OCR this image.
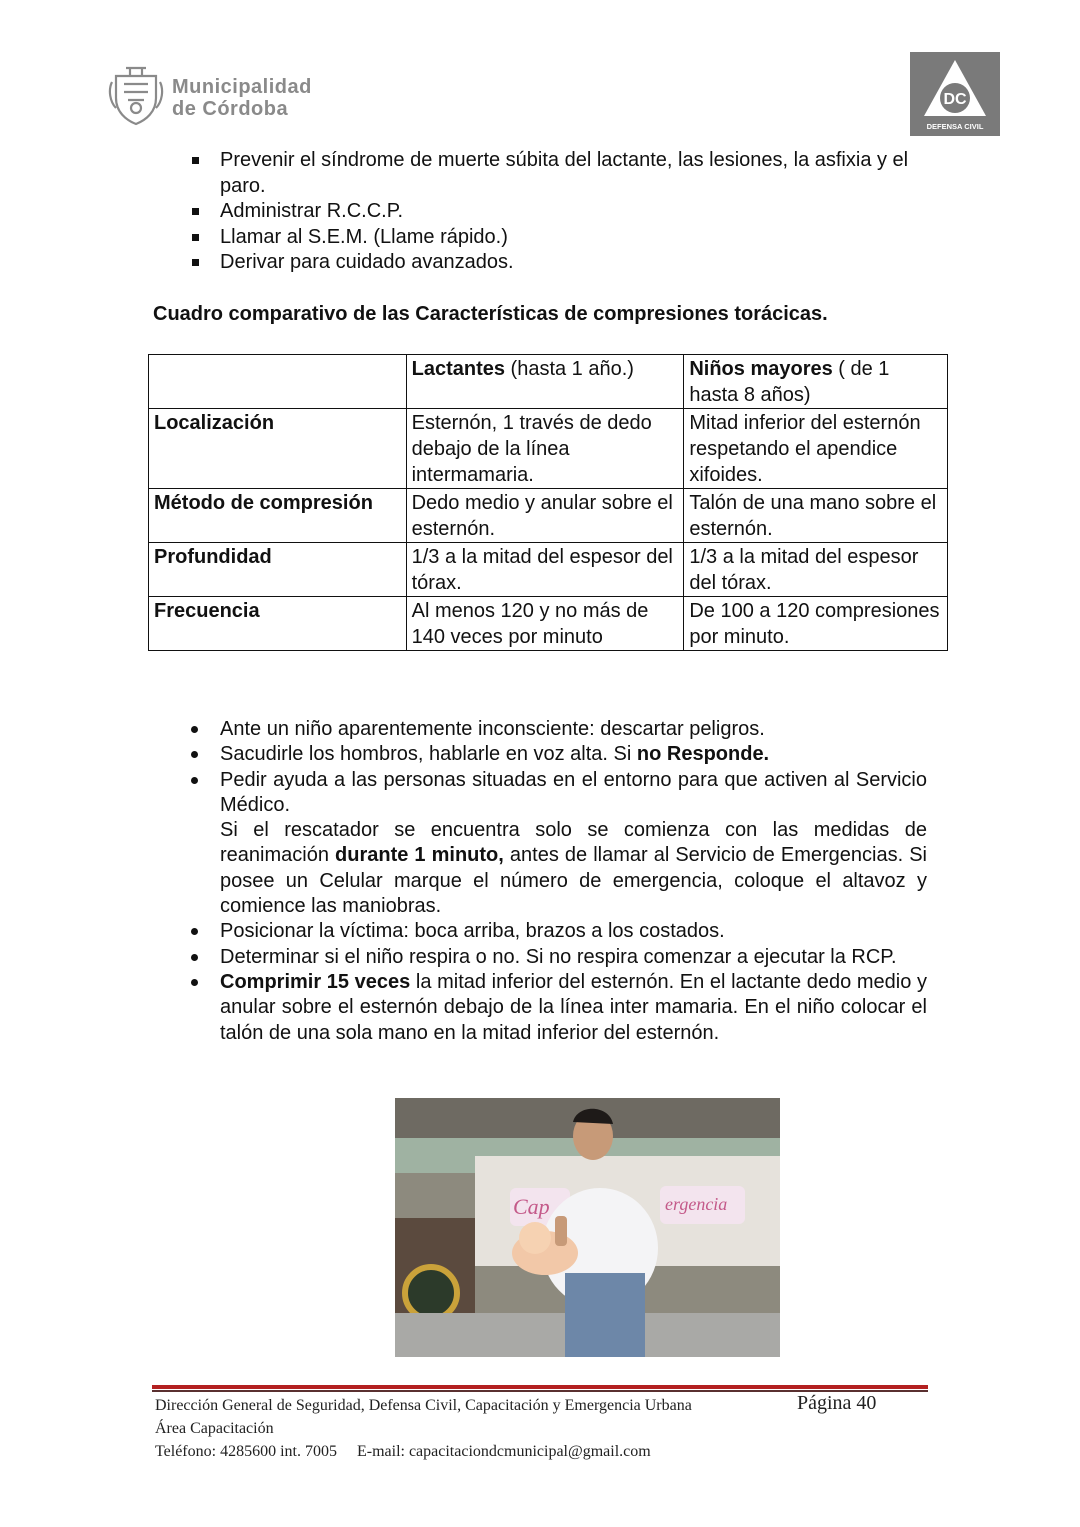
Municipalidad
de Córdoba	DC
DEFENSA CIVIL
Prevenir el síndrome de muerte súbita del lactante, las lesiones, la asfixia y el paro.
Administrar R.C.C.P.
Llamar al S.E.M. (Llame rápido.)
Derivar para cuidado avanzados.
Cuadro comparativo de las Características de compresiones torácicas.
	Lactantes (hasta 1 año.)	Niños mayores ( de 1 hasta 8 años)
Localización	Esternón, 1 través de dedo debajo de la línea intermamaria.	Mitad inferior del esternón respetando el apendice xifoides.
Método de compresión	Dedo medio y anular sobre el esternón.	Talón de una mano sobre el esternón.
Profundidad	1/3 a la mitad del espesor del tórax.	1/3 a la mitad del espesor del tórax.
Frecuencia	Al menos 120 y no más de 140 veces por minuto	De 100 a 120 compresiones por minuto.
Ante un niño aparentemente inconsciente: descartar peligros.
Sacudirle los hombros, hablarle en voz alta. Si no Responde.
Pedir ayuda a las personas situadas en el entorno para que activen al Servicio Médico.
Si el rescatador se encuentra solo se comienza con las medidas de reanimación durante 1 minuto, antes de llamar al Servicio de Emergencias. Si posee un Celular marque el número de emergencia, coloque el altavoz y comience las maniobras.
Posicionar la víctima: boca arriba, brazos a los costados.
Determinar si el niño respira o no. Si no respira comenzar a ejecutar la RCP.
Comprimir 15 veces la mitad inferior del esternón. En el lactante dedo medio y anular sobre el esternón debajo de la línea inter mamaria. En el niño colocar el talón de una sola mano en la mitad inferior del esternón.
Cap	ergencia
Dirección General de Seguridad, Defensa Civil, Capacitación y Emergencia Urbana	Página 40
Área Capacitación
Teléfono: 4285600 int. 7005     E-mail: capacitaciondcmunicipal@gmail.com
